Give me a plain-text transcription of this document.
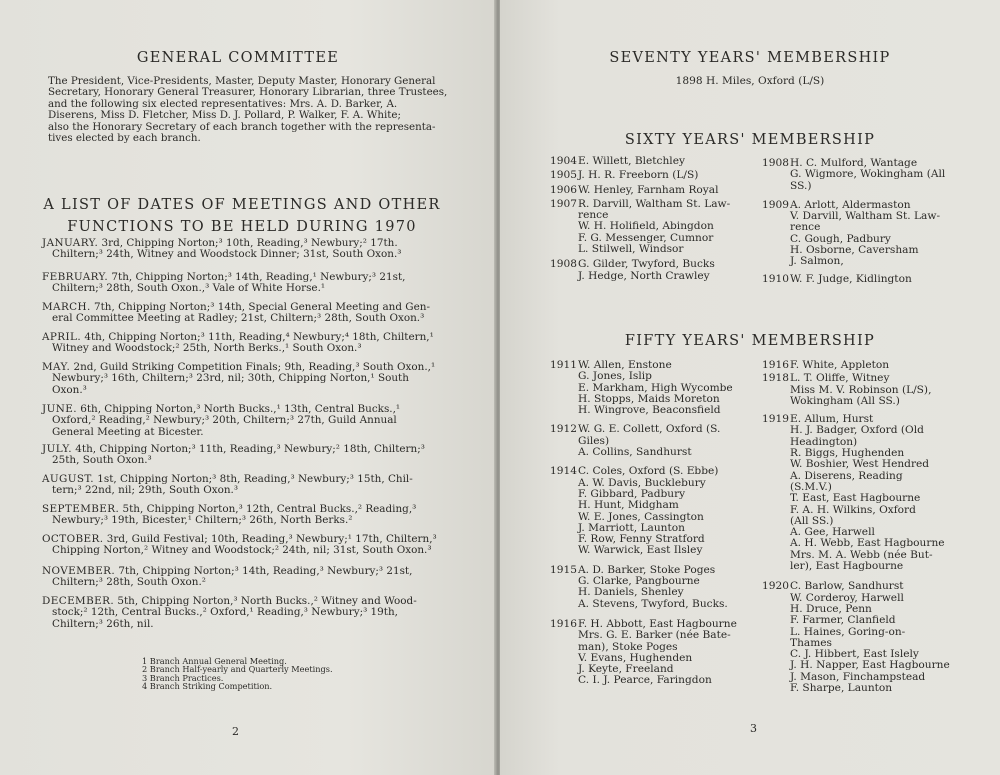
GENERAL COMMITTEE
The President, Vice-Presidents, Master, Deputy Master, Honorary General
Secretary, Honorary General Treasurer, Honorary Librarian, three Trustees,
and the following six elected representatives: Mrs. A. D. Barker, A.
Diserens, Miss D. Fletcher, Miss D. J. Pollard, P. Walker, F. A. White;
also the Honorary Secretary of each branch together with the representa-
tives elected by each branch.
A LIST OF DATES OF MEETINGS AND OTHER
FUNCTIONS TO BE HELD DURING 1970
JANUARY. 3rd, Chipping Norton;³ 10th, Reading,³ Newbury;² 17th.
Chiltern;³ 24th, Witney and Woodstock Dinner; 31st, South Oxon.³
FEBRUARY. 7th, Chipping Norton;³ 14th, Reading,¹ Newbury;³ 21st,
Chiltern;³ 28th, South Oxon.,³ Vale of White Horse.¹
MARCH. 7th, Chipping Norton;³ 14th, Special General Meeting and Gen-
eral Committee Meeting at Radley; 21st, Chiltern;³ 28th, South Oxon.³
APRIL. 4th, Chipping Norton;³ 11th, Reading,⁴ Newbury;⁴ 18th, Chiltern,¹
Witney and Woodstock;² 25th, North Berks.,¹ South Oxon.³
MAY. 2nd, Guild Striking Competition Finals; 9th, Reading,³ South Oxon.,¹
Newbury;³ 16th, Chiltern;³ 23rd, nil; 30th, Chipping Norton,¹ South
Oxon.³
JUNE. 6th, Chipping Norton,³ North Bucks.,¹ 13th, Central Bucks.,¹
Oxford,² Reading,² Newbury;³ 20th, Chiltern;³ 27th, Guild Annual
General Meeting at Bicester.
JULY. 4th, Chipping Norton;³ 11th, Reading,³ Newbury;² 18th, Chiltern;³
25th, South Oxon.³
AUGUST. 1st, Chipping Norton;³ 8th, Reading,³ Newbury;³ 15th, Chil-
tern;³ 22nd, nil; 29th, South Oxon.³
SEPTEMBER. 5th, Chipping Norton,³ 12th, Central Bucks.,² Reading,³
Newbury;³ 19th, Bicester,¹ Chiltern;³ 26th, North Berks.²
OCTOBER. 3rd, Guild Festival; 10th, Reading,³ Newbury;¹ 17th, Chiltern,³
Chipping Norton,² Witney and Woodstock;² 24th, nil; 31st, South Oxon.³
NOVEMBER. 7th, Chipping Norton;³ 14th, Reading,³ Newbury;³ 21st,
Chiltern;³ 28th, South Oxon.²
DECEMBER. 5th, Chipping Norton,³ North Bucks.,² Witney and Wood-
stock;² 12th, Central Bucks.,² Oxford,¹ Reading,³ Newbury;³ 19th,
Chiltern;³ 26th, nil.
1 Branch Annual General Meeting.
2 Branch Half-yearly and Quarterly Meetings.
3 Branch Practices.
4 Branch Striking Competition.
2
SEVENTY YEARS' MEMBERSHIP
1898 H. Miles, Oxford (L/S)
SIXTY YEARS' MEMBERSHIP
1904E. Willett, Bletchley
1905J. H. R. Freeborn (L/S)
1906W. Henley, Farnham Royal
1907R. Darvill, Waltham St. Law-
rence
W. H. Holifield, Abingdon
F. G. Messenger, Cumnor
L. Stilwell, Windsor
1908G. Gilder, Twyford, Bucks
J. Hedge, North Crawley
1908H. C. Mulford, Wantage
G. Wigmore, Wokingham (All
SS.)
1909A. Arlott, Aldermaston
V. Darvill, Waltham St. Law-
rence
C. Gough, Padbury
H. Osborne, Caversham
J. Salmon,
1910W. F. Judge, Kidlington
FIFTY YEARS' MEMBERSHIP
1911W. Allen, Enstone
G. Jones, Islip
E. Markham, High Wycombe
H. Stopps, Maids Moreton
H. Wingrove, Beaconsfield
1912W. G. E. Collett, Oxford (S.
Giles)
A. Collins, Sandhurst
1914C. Coles, Oxford (S. Ebbe)
A. W. Davis, Bucklebury
F. Gibbard, Padbury
H. Hunt, Midgham
W. E. Jones, Cassington
J. Marriott, Launton
F. Row, Fenny Stratford
W. Warwick, East Ilsley
1915A. D. Barker, Stoke Poges
G. Clarke, Pangbourne
H. Daniels, Shenley
A. Stevens, Twyford, Bucks.
1916F. H. Abbott, East Hagbourne
Mrs. G. E. Barker (née Bate-
man), Stoke Poges
V. Evans, Hughenden
J. Keyte, Freeland
C. I. J. Pearce, Faringdon
1916F. White, Appleton
1918L. T. Oliffe, Witney
Miss M. V. Robinson (L/S),
Wokingham (All SS.)
1919E. Allum, Hurst
H. J. Badger, Oxford (Old
Headington)
R. Biggs, Hughenden
W. Boshier, West Hendred
A. Diserens, Reading
(S.M.V.)
T. East, East Hagbourne
F. A. H. Wilkins, Oxford
(All SS.)
A. Gee, Harwell
A. H. Webb, East Hagbourne
Mrs. M. A. Webb (née But-
ler), East Hagbourne
1920C. Barlow, Sandhurst
W. Corderoy, Harwell
H. Druce, Penn
F. Farmer, Clanfield
L. Haines, Goring-on-
Thames
C. J. Hibbert, East Islely
J. H. Napper, East Hagbourne
J. Mason, Finchampstead
F. Sharpe, Launton
3
